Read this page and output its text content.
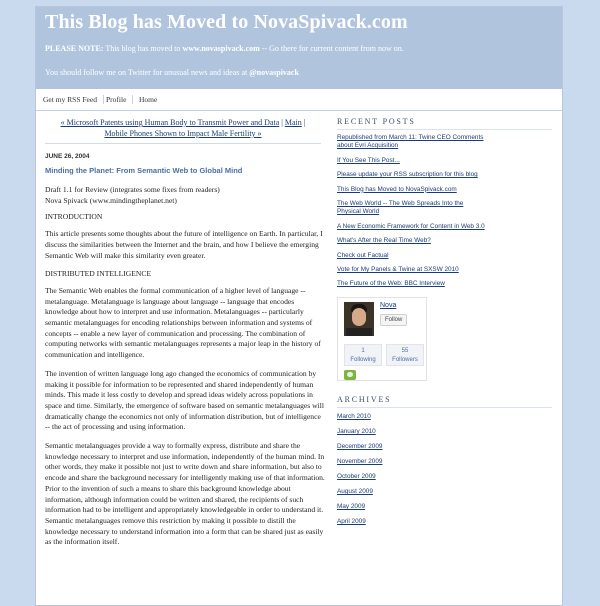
This Blog has Moved to NovaSpivack.com
PLEASE NOTE: This blog has moved to www.novaspivack.com -- Go there for current content from now on.
You should follow me on Twitter for unusual news and ideas at @novaspivack
Get my RSS Feed	Profile	Home
« Microsoft Patents using Human Body to Transmit Power and Data | Main |
Mobile Phones Shown to Impact Male Fertility »
JUNE 26, 2004
Minding the Planet: From Semantic Web to Global Mind

Draft 1.1 for Review (integrates some fixes from readers)
Nova Spivack (www.mindingtheplanet.net)

INTRODUCTION

This article presents some thoughts about the future of intelligence on Earth. In particular, I discuss the similarities between the Internet and the brain, and how I believe the emerging Semantic Web will make this similarity even greater.

DISTRIBUTED INTELLIGENCE

The Semantic Web enables the formal communication of a higher level of language -- metalanguage. Metalanguage is language about language -- language that encodes knowledge about how to interpret and use information. Metalanguages -- particularly semantic metalanguages for encoding relationships between information and systems of concepts -- enable a new layer of communication and processing. The combination of computing networks with semantic metalanguages represents a major leap in the history of communication and intelligence.

The invention of written language long ago changed the economics of communication by making it possible for information to be represented and shared independently of human minds. This made it less costly to develop and spread ideas widely across populations in space and time. Similarly, the emergence of software based on semantic metalanguages will dramatically change the economics not only of information distribution, but of intelligence -- the act of processing and using information.

Semantic metalanguages provide a way to formally express, distribute and share the knowledge necessary to interpret and use information, independently of the human mind. In other words, they make it possible not just to write down and share information, but also to encode and share the background necessary for intelligently making use of that information. Prior to the invention of such a means to share this background knowledge about information, although information could be written and shared, the recipients of such information had to be intelligent and appropriately knowledgeable in order to understand it. Semantic metalanguages remove this restriction by making it possible to distill the knowledge necessary to understand information into a form that can be shared just as easily as the information itself.

RECENT POSTS
Republished from March 11: Twine CEO Comments about Evri Acquisition
If You See This Post...
Please update your RSS subscription for this blog
This Blog has Moved to NovaSpivack.com
The Web World -- The Web Spreads Into the Physical World
A New Economic Framework for Content in Web 3.0
What's After the Real Time Web?
Check out Factual
Vote for My Panels & Twine at SXSW 2010
The Future of the Web: BBC Interview
Nova
Follow
1
Following
55
Followers
ARCHIVES
March 2010
January 2010
December 2009
November 2009
October 2009
August 2009
May 2009
April 2009
